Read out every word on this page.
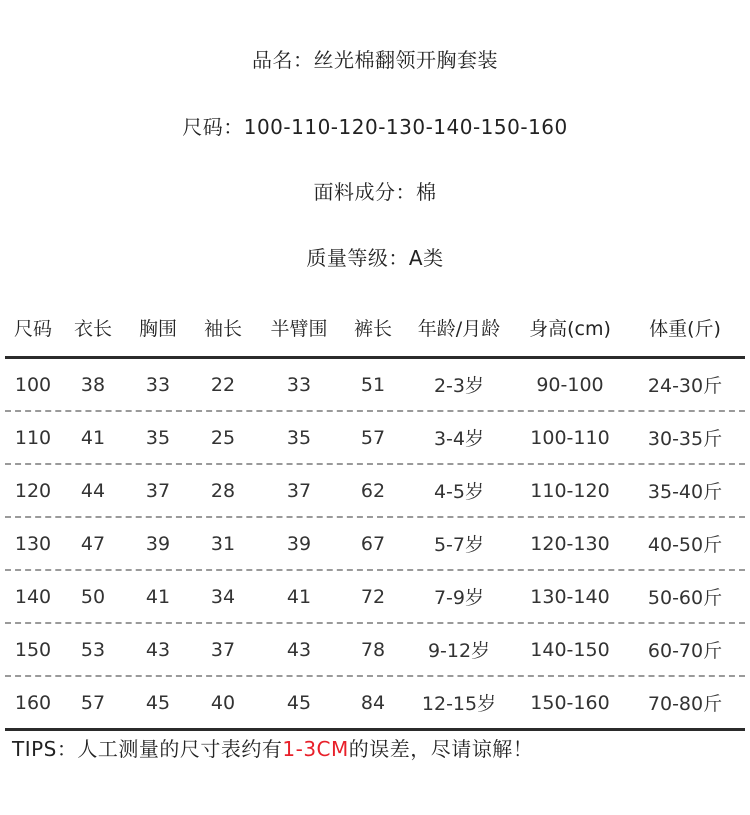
品名：丝光棉翻领开胸套装
尺码：100-110-120-130-140-150-160
面料成分：棉
质量等级：A类
尺码	衣长	胸围	袖长	半臂围	裤长	年龄/月龄	身高(cm)	体重(斤)
100	38	33	22	33	51	2-3岁	90-100	24-30斤
110	41	35	25	35	57	3-4岁	100-110	30-35斤
120	44	37	28	37	62	4-5岁	110-120	35-40斤
130	47	39	31	39	67	5-7岁	120-130	40-50斤
140	50	41	34	41	72	7-9岁	130-140	50-60斤
150	53	43	37	43	78	9-12岁	140-150	60-70斤
160	57	45	40	45	84	12-15岁	150-160	70-80斤
TIPS：人工测量的尺寸表约有1-3CM的误差，尽请谅解！
